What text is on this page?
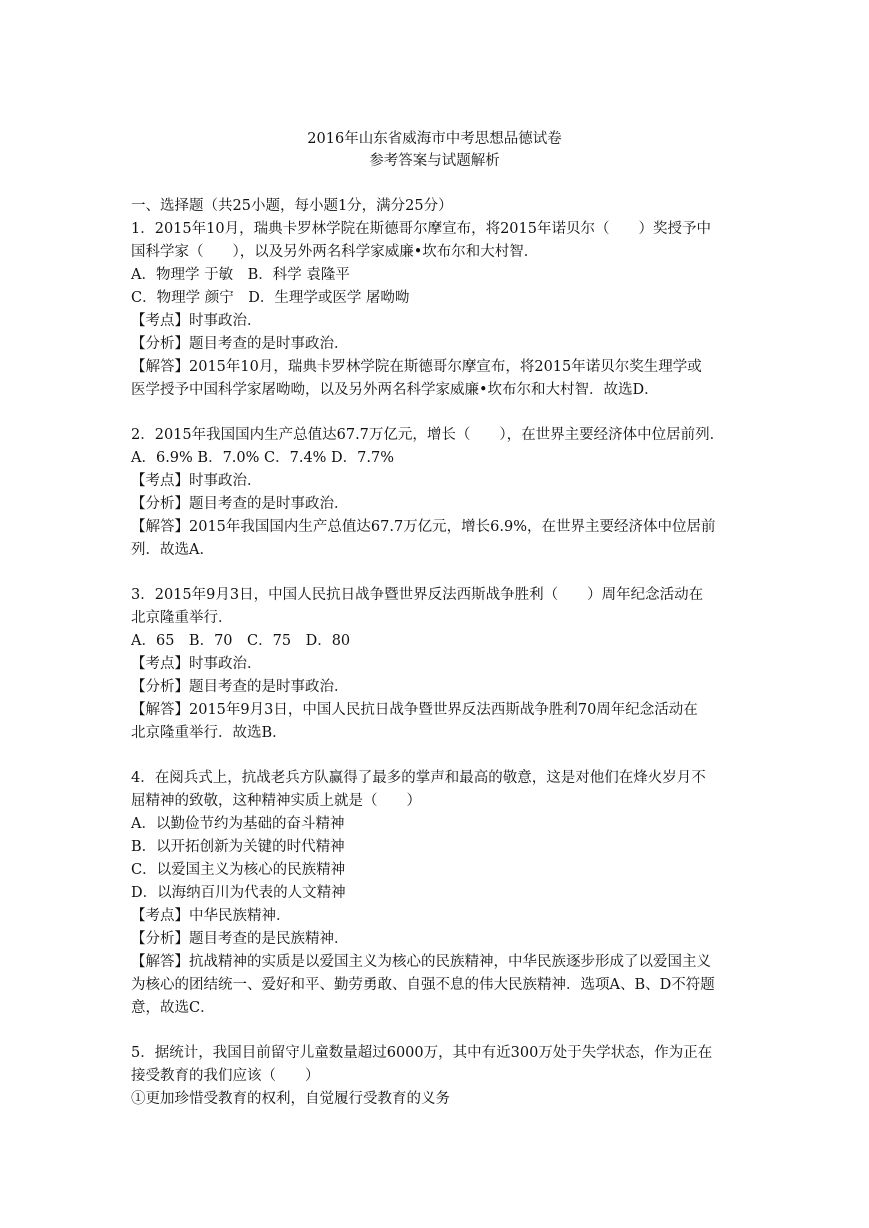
2016年山东省威海市中考思想品德试卷
参考答案与试题解析
一、选择题（共25小题，每小题1分，满分25分）
1．2015年10月，瑞典卡罗林学院在斯德哥尔摩宣布，将2015年诺贝尔（　　）奖授予中
国科学家（　　），以及另外两名科学家威廉•坎布尔和大村智．
A．物理学 于敏　B．科学 袁隆平
C．物理学 颜宁　D．生理学或医学 屠呦呦
【考点】时事政治．
【分析】题目考查的是时事政治．
【解答】2015年10月，瑞典卡罗林学院在斯德哥尔摩宣布，将2015年诺贝尔奖生理学或
医学授予中国科学家屠呦呦，以及另外两名科学家威廉•坎布尔和大村智．故选D．
2．2015年我国国内生产总值达67.7万亿元，增长（　　），在世界主要经济体中位居前列．
A．6.9% B．7.0% C．7.4% D．7.7%
【考点】时事政治．
【分析】题目考查的是时事政治．
【解答】2015年我国国内生产总值达67.7万亿元，增长6.9%，在世界主要经济体中位居前
列．故选A．
3．2015年9月3日，中国人民抗日战争暨世界反法西斯战争胜利（　　）周年纪念活动在
北京隆重举行．
A．65　B．70　C．75　D．80
【考点】时事政治．
【分析】题目考查的是时事政治．
【解答】2015年9月3日，中国人民抗日战争暨世界反法西斯战争胜利70周年纪念活动在
北京隆重举行．故选B．
4．在阅兵式上，抗战老兵方队赢得了最多的掌声和最高的敬意，这是对他们在烽火岁月不
屈精神的致敬，这种精神实质上就是（　　）
A．以勤俭节约为基础的奋斗精神
B．以开拓创新为关键的时代精神
C．以爱国主义为核心的民族精神
D．以海纳百川为代表的人文精神
【考点】中华民族精神．
【分析】题目考查的是民族精神．
【解答】抗战精神的实质是以爱国主义为核心的民族精神，中华民族逐步形成了以爱国主义
为核心的团结统一、爱好和平、勤劳勇敢、自强不息的伟大民族精神．选项A、B、D不符题
意，故选C．
5．据统计，我国目前留守儿童数量超过6000万，其中有近300万处于失学状态，作为正在
接受教育的我们应该（　　）
①更加珍惜受教育的权利，自觉履行受教育的义务
